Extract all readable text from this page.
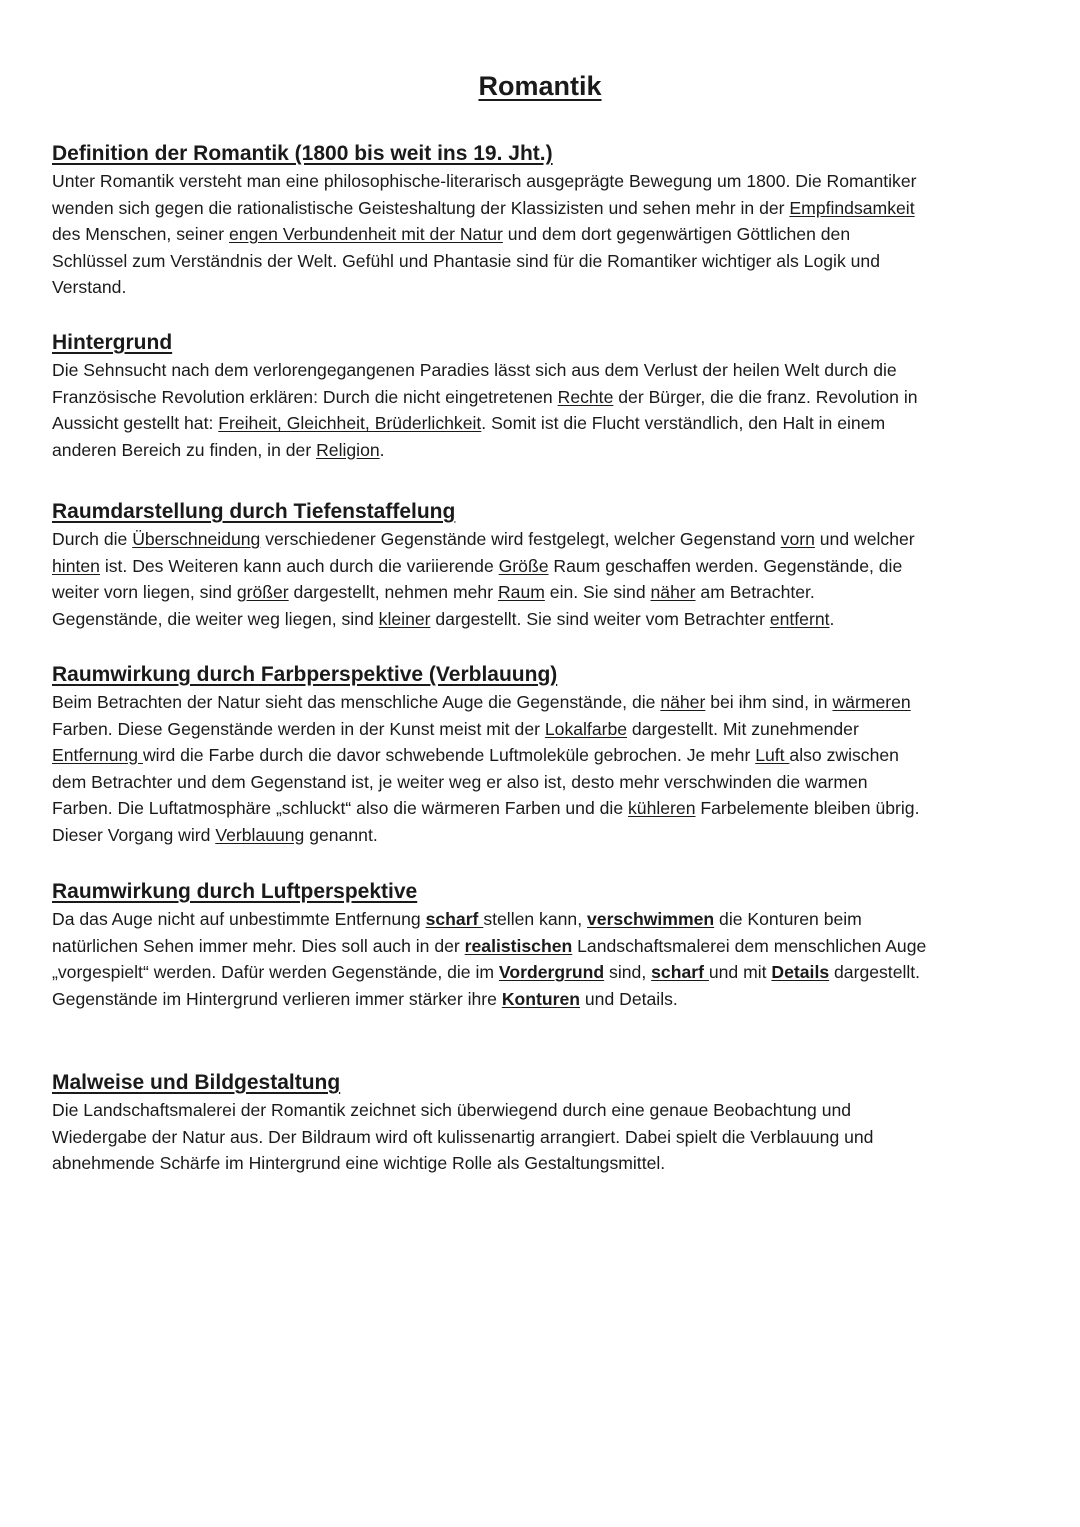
Romantik
Definition der Romantik (1800 bis weit ins 19. Jht.)

Unter Romantik versteht man eine philosophische-literarisch ausgeprägte Bewegung um 1800. Die Romantiker
wenden sich gegen die rationalistische Geisteshaltung der Klassizisten und sehen mehr in der Empfindsamkeit
des Menschen, seiner engen Verbundenheit mit der Natur und dem dort gegenwärtigen Göttlichen den
Schlüssel zum Verständnis der Welt. Gefühl und Phantasie sind für die Romantiker wichtiger als Logik und
Verstand.

Hintergrund

Die Sehnsucht nach dem verlorengegangenen Paradies lässt sich aus dem Verlust der heilen Welt durch die
Französische Revolution erklären: Durch die nicht eingetretenen Rechte der Bürger, die die franz. Revolution in
Aussicht gestellt hat: Freiheit, Gleichheit, Brüderlichkeit. Somit ist die Flucht verständlich, den Halt in einem
anderen Bereich zu finden, in der Religion.

Raumdarstellung durch Tiefenstaffelung

Durch die Überschneidung verschiedener Gegenstände wird festgelegt, welcher Gegenstand vorn und welcher
hinten ist. Des Weiteren kann auch durch die variierende Größe Raum geschaffen werden. Gegenstände, die
weiter vorn liegen, sind größer dargestellt, nehmen mehr Raum ein. Sie sind näher am Betrachter.
Gegenstände, die weiter weg liegen, sind kleiner dargestellt. Sie sind weiter vom Betrachter entfernt.

Raumwirkung durch Farbperspektive (Verblauung)

Beim Betrachten der Natur sieht das menschliche Auge die Gegenstände, die näher bei ihm sind, in wärmeren
Farben. Diese Gegenstände werden in der Kunst meist mit der Lokalfarbe dargestellt. Mit zunehmender
Entfernung wird die Farbe durch die davor schwebende Luftmoleküle gebrochen. Je mehr Luft also zwischen
dem Betrachter und dem Gegenstand ist, je weiter weg er also ist, desto mehr verschwinden die warmen
Farben. Die Luftatmosphäre „schluckt“ also die wärmeren Farben und die kühleren Farbelemente bleiben übrig.
Dieser Vorgang wird Verblauung genannt.

Raumwirkung durch Luftperspektive

Da das Auge nicht auf unbestimmte Entfernung scharf stellen kann, verschwimmen die Konturen beim
natürlichen Sehen immer mehr. Dies soll auch in der realistischen Landschaftsmalerei dem menschlichen Auge
„vorgespielt“ werden. Dafür werden Gegenstände, die im Vordergrund sind, scharf und mit Details dargestellt.
Gegenstände im Hintergrund verlieren immer stärker ihre Konturen und Details.

Malweise und Bildgestaltung

Die Landschaftsmalerei der Romantik zeichnet sich überwiegend durch eine genaue Beobachtung und
Wiedergabe der Natur aus. Der Bildraum wird oft kulissenartig arrangiert. Dabei spielt die Verblauung und
abnehmende Schärfe im Hintergrund eine wichtige Rolle als Gestaltungsmittel.
